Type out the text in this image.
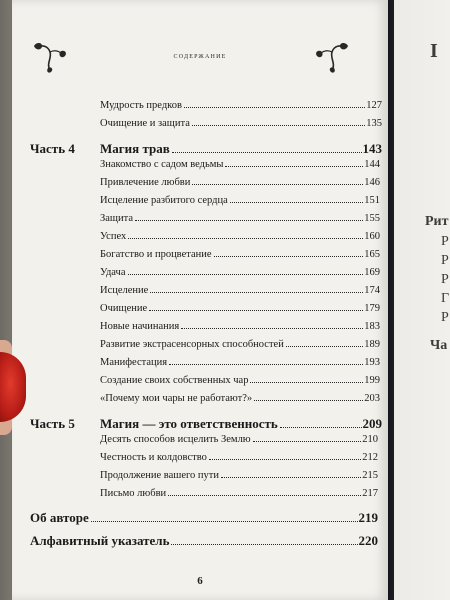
I
Рит
Р
Р
Р
Г
Р
Ча
содержание
Мудрость предков	127
Очищение и защита	135
Часть 4 Магия трав	143
Знакомство с садом ведьмы	144
Привлечение любви	146
Исцеление разбитого сердца	151
Защита	155
Успех	160
Богатство и процветание	165
Удача	169
Исцеление	174
Очищение	179
Новые начинания	183
Развитие экстрасенсорных способностей	189
Манифестация	193
Создание своих собственных чар	199
«Почему мои чары не работают?»	203
Часть 5 Магия — это ответственность	209
Десять способов исцелить Землю	210
Честность и колдовство	212
Продолжение вашего пути	215
Письмо любви	217
Об авторе	219
Алфавитный указатель	220
6
